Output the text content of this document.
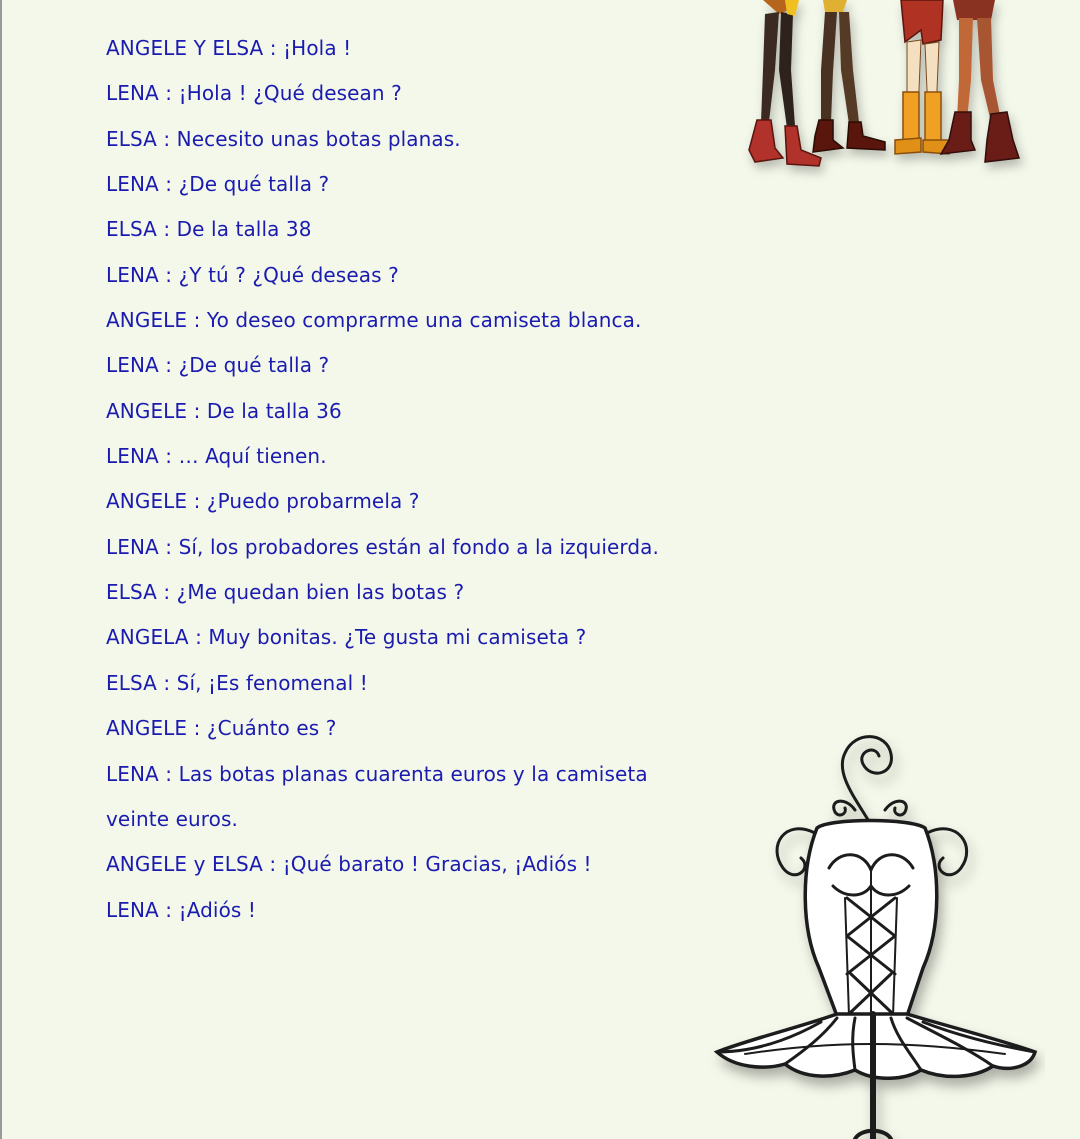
ANGELE Y ELSA : ¡Hola !
LENA : ¡Hola ! ¿Qué desean ?
ELSA : Necesito unas botas planas.
LENA : ¿De qué talla ?
ELSA : De la talla 38
LENA : ¿Y tú ? ¿Qué deseas ?
ANGELE : Yo deseo comprarme una camiseta blanca.
LENA : ¿De qué talla ?
ANGELE : De la talla 36
LENA : … Aquí tienen.
ANGELE : ¿Puedo probarmela ?
LENA : Sí, los probadores están al fondo a la izquierda.
ELSA : ¿Me quedan bien las botas ?
ANGELA : Muy bonitas. ¿Te gusta mi camiseta ?
ELSA : Sí, ¡Es fenomenal !
ANGELE : ¿Cuánto es ?
LENA : Las botas planas cuarenta euros y la camiseta
veinte euros.
ANGELE y ELSA : ¡Qué barato ! Gracias, ¡Adiós !
LENA : ¡Adiós !
